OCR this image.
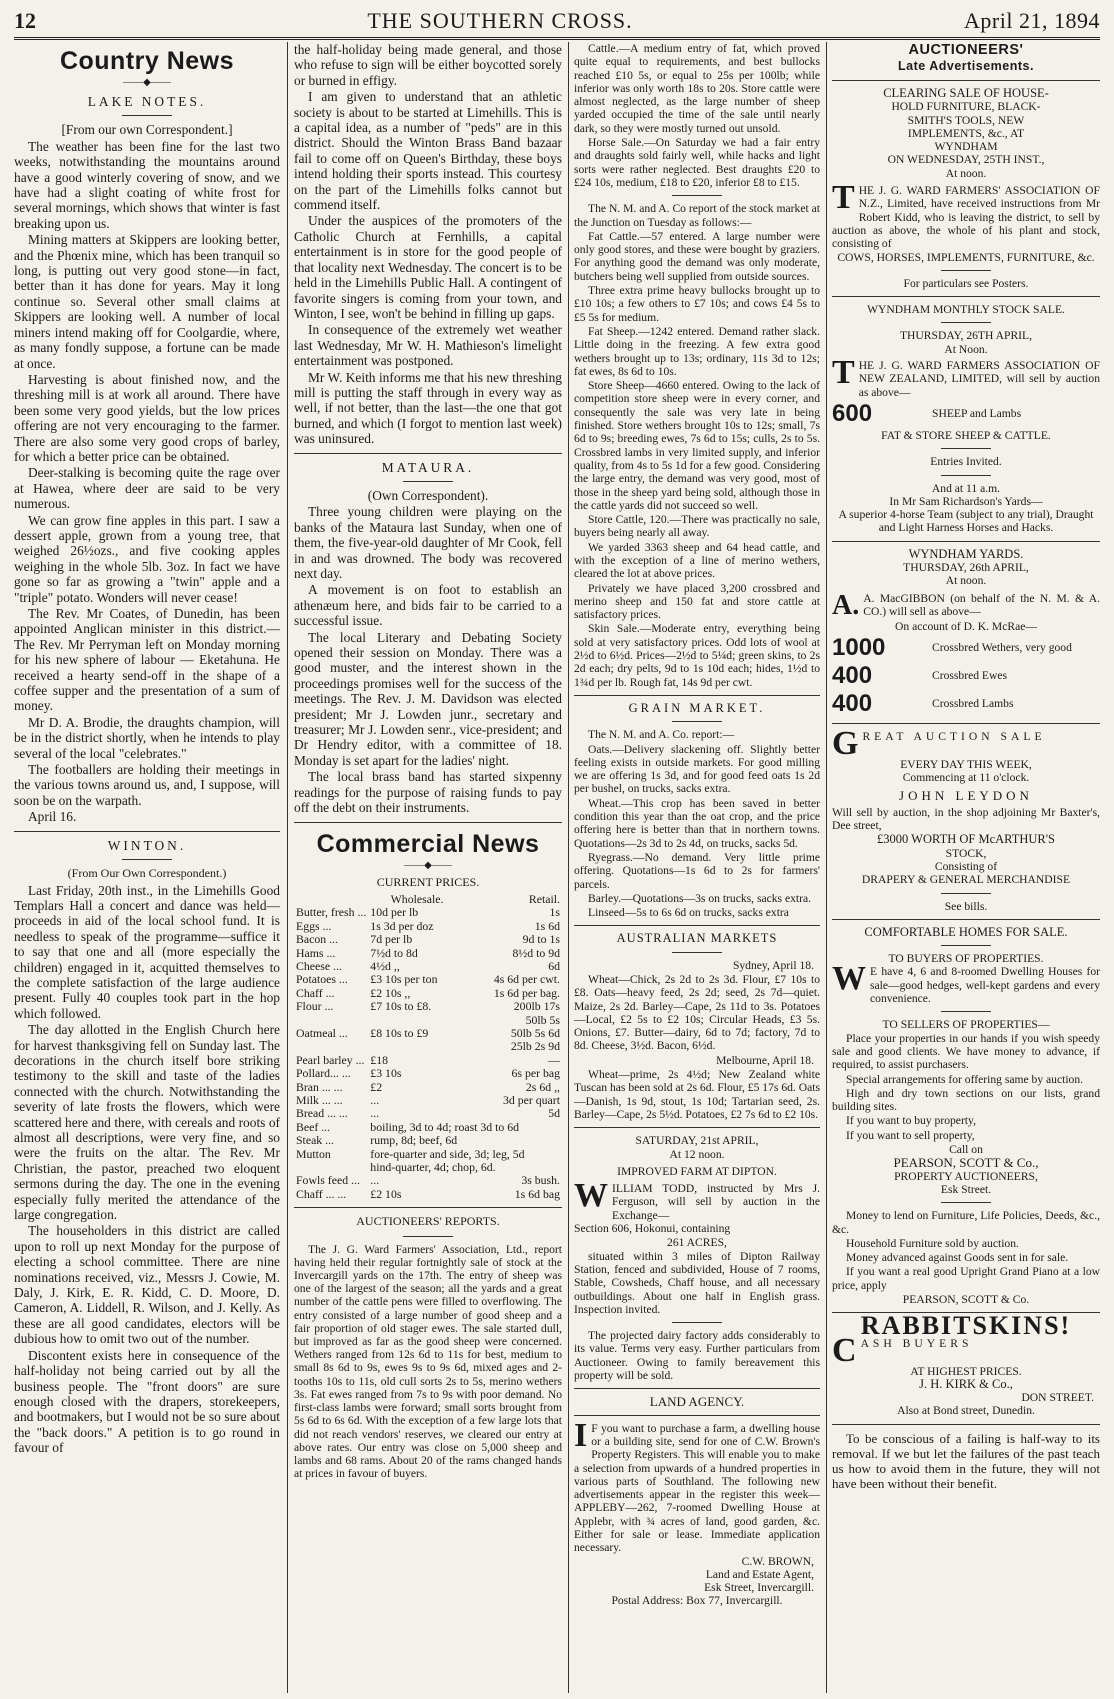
12	THE SOUTHERN CROSS.	April 21, 1894
Country News
——◆——
LAKE NOTES.

[From our own Correspondent.]

The weather has been fine for the last two weeks, notwithstanding the mountains around have a good winterly covering of snow, and we have had a slight coating of white frost for several mornings, which shows that winter is fast breaking upon us.

Mining matters at Skippers are looking better, and the Phœnix mine, which has been tranquil so long, is putting out very good stone—in fact, better than it has done for years. May it long continue so. Several other small claims at Skippers are looking well. A number of local miners intend making off for Coolgardie, where, as many fondly suppose, a fortune can be made at once.

Harvesting is about finished now, and the threshing mill is at work all around. There have been some very good yields, but the low prices offering are not very encouraging to the farmer. There are also some very good crops of barley, for which a better price can be obtained.

Deer-stalking is becoming quite the rage over at Hawea, where deer are said to be very numerous.

We can grow fine apples in this part. I saw a dessert apple, grown from a young tree, that weighed 26½ozs., and five cooking apples weighing in the whole 5lb. 3oz. In fact we have gone so far as growing a "twin" apple and a "triple" potato. Wonders will never cease!

The Rev. Mr Coates, of Dunedin, has been appointed Anglican minister in this district.—The Rev. Mr Perryman left on Monday morning for his new sphere of labour — Eketahuna. He received a hearty send-off in the shape of a coffee supper and the presentation of a sum of money.

Mr D. A. Brodie, the draughts champion, will be in the district shortly, when he intends to play several of the local "celebrates."

The footballers are holding their meetings in the various towns around us, and, I suppose, will soon be on the warpath.

April 16.

WINTON.

(From Our Own Correspondent.)

Last Friday, 20th inst., in the Limehills Good Templars Hall a concert and dance was held—proceeds in aid of the local school fund. It is needless to speak of the programme—suffice it to say that one and all (more especially the children) engaged in it, acquitted themselves to the complete satisfaction of the large audience present. Fully 40 couples took part in the hop which followed.

The day allotted in the English Church here for harvest thanksgiving fell on Sunday last. The decorations in the church itself bore striking testimony to the skill and taste of the ladies connected with the church. Notwithstanding the severity of late frosts the flowers, which were scattered here and there, with cereals and roots of almost all descriptions, were very fine, and so were the fruits on the altar. The Rev. Mr Christian, the pastor, preached two eloquent sermons during the day. The one in the evening especially fully merited the attendance of the large congregation.

The householders in this district are called upon to roll up next Monday for the purpose of electing a school committee. There are nine nominations received, viz., Messrs J. Cowie, M. Daly, J. Kirk, E. R. Kidd, C. D. Moore, D. Cameron, A. Liddell, R. Wilson, and J. Kelly. As these are all good candidates, electors will be dubious how to omit two out of the number.

Discontent exists here in consequence of the half-holiday not being carried out by all the business people. The "front doors" are sure enough closed with the drapers, storekeepers, and bootmakers, but I would not be so sure about the "back doors." A petition is to go round in favour of

the half-holiday being made general, and those who refuse to sign will be either boycotted sorely or burned in effigy.

I am given to understand that an athletic society is about to be started at Limehills. This is a capital idea, as a number of "peds" are in this district. Should the Winton Brass Band bazaar fail to come off on Queen's Birthday, these boys intend holding their sports instead. This courtesy on the part of the Limehills folks cannot but commend itself.

Under the auspices of the promoters of the Catholic Church at Fernhills, a capital entertainment is in store for the good people of that locality next Wednesday. The concert is to be held in the Limehills Public Hall. A contingent of favorite singers is coming from your town, and Winton, I see, won't be behind in filling up gaps.

In consequence of the extremely wet weather last Wednesday, Mr W. H. Mathieson's limelight entertainment was postponed.

Mr W. Keith informs me that his new threshing mill is putting the staff through in every way as well, if not better, than the last—the one that got burned, and which (I forgot to mention last week) was uninsured.

MATAURA.

(Own Correspondent).

Three young children were playing on the banks of the Mataura last Sunday, when one of them, the five-year-old daughter of Mr Cook, fell in and was drowned. The body was recovered next day.

A movement is on foot to establish an athenæum here, and bids fair to be carried to a successful issue.

The local Literary and Debating Society opened their session on Monday. There was a good muster, and the interest shown in the proceedings promises well for the success of the meetings. The Rev. J. M. Davidson was elected president; Mr J. Lowden junr., secretary and treasurer; Mr J. Lowden senr., vice-president; and Dr Hendry editor, with a committee of 18. Monday is set apart for the ladies' night.

The local brass band has started sixpenny readings for the purpose of raising funds to pay off the debt on their instruments.

Commercial News
——◆——
CURRENT PRICES.
	Wholesale.	Retail.
Butter, fresh ...	10d per lb	1s
Eggs ...	1s 3d per doz	1s 6d
Bacon ...	7d per lb	9d to 1s
Hams ...	7½d to 8d	8½d to 9d
Cheese ...	4½d ,,	6d
Potatoes ...	£3 10s per ton	4s 6d per cwt.
Chaff ...	£2 10s ,,	1s 6d per bag.
Flour ...	£7 10s to £8.	200lb 17s
		50lb 5s
Oatmeal ...	£8 10s to £9	50lb 5s 6d
		25lb 2s 9d
Pearl barley ...	£18	—
Pollard... ...	£3 10s	6s per bag
Bran ... ...	£2	2s 6d ,,
Milk ... ...	...	3d per quart
Bread ... ...	...	5d
Beef ...	boiling, 3d to 4d; roast 3d to 6d	
Steak ...	rump, 8d; beef, 6d	
Mutton	fore-quarter and side, 3d; leg, 5d	
	hind-quarter, 4d; chop, 6d.	
Fowls feed ...	...	3s bush.
Chaff ... ...	£2 10s	1s 6d bag
AUCTIONEERS' REPORTS.

The J. G. Ward Farmers' Association, Ltd., report having held their regular fortnightly sale of stock at the Invercargill yards on the 17th. The entry of sheep was one of the largest of the season; all the yards and a great number of the cattle pens were filled to overflowing. The entry consisted of a large number of good sheep and a fair proportion of old stager ewes. The sale started dull, but improved as far as the good sheep were concerned. Wethers ranged from 12s 6d to 11s for best, medium to small 8s 6d to 9s, ewes 9s to 9s 6d, mixed ages and 2-tooths 10s to 11s, old cull sorts 2s to 5s, merino wethers 3s. Fat ewes ranged from 7s to 9s with poor demand. No first-class lambs were forward; small sorts brought from 5s 6d to 6s 6d. With the exception of a few large lots that did not reach vendors' reserves, we cleared our entry at above rates. Our entry was close on 5,000 sheep and lambs and 68 rams. About 20 of the rams changed hands at prices in favour of buyers.

Cattle.—A medium entry of fat, which proved quite equal to requirements, and best bullocks reached £10 5s, or equal to 25s per 100lb; while inferior was only worth 18s to 20s. Store cattle were almost neglected, as the large number of sheep yarded occupied the time of the sale until nearly dark, so they were mostly turned out unsold.

Horse Sale.—On Saturday we had a fair entry and draughts sold fairly well, while hacks and light sorts were rather neglected. Best draughts £20 to £24 10s, medium, £18 to £20, inferior £8 to £15.

The N. M. and A. Co report of the stock market at the Junction on Tuesday as follows:—

Fat Cattle.—57 entered. A large number were only good stores, and these were bought by graziers. For anything good the demand was only moderate, butchers being well supplied from outside sources.

Three extra prime heavy bullocks brought up to £10 10s; a few others to £7 10s; and cows £4 5s to £5 5s for medium.

Fat Sheep.—1242 entered. Demand rather slack. Little doing in the freezing. A few extra good wethers brought up to 13s; ordinary, 11s 3d to 12s; fat ewes, 8s 6d to 10s.

Store Sheep—4660 entered. Owing to the lack of competition store sheep were in every corner, and consequently the sale was very late in being finished. Store wethers brought 10s to 12s; small, 7s 6d to 9s; breeding ewes, 7s 6d to 15s; culls, 2s to 5s. Crossbred lambs in very limited supply, and inferior quality, from 4s to 5s 1d for a few good. Considering the large entry, the demand was very good, most of those in the sheep yard being sold, although those in the cattle yards did not succeed so well.

Store Cattle, 120.—There was practically no sale, buyers being nearly all away.

We yarded 3363 sheep and 64 head cattle, and with the exception of a line of merino wethers, cleared the lot at above prices.

Privately we have placed 3,200 crossbred and merino sheep and 150 fat and store cattle at satisfactory prices.

Skin Sale.—Moderate entry, everything being sold at very satisfactory prices. Odd lots of wool at 2½d to 6½d. Prices—2½d to 5¼d; green skins, to 2s 2d each; dry pelts, 9d to 1s 10d each; hides, 1½d to 1¾d per lb. Rough fat, 14s 9d per cwt.

GRAIN MARKET.

The N. M. and A. Co. report:—

Oats.—Delivery slackening off. Slightly better feeling exists in outside markets. For good milling we are offering 1s 3d, and for good feed oats 1s 2d per bushel, on trucks, sacks extra.

Wheat.—This crop has been saved in better condition this year than the oat crop, and the price offering here is better than that in northern towns. Quotations—2s 3d to 2s 4d, on trucks, sacks 5d.

Ryegrass.—No demand. Very little prime offering. Quotations—1s 6d to 2s for farmers' parcels.

Barley.—Quotations—3s on trucks, sacks extra.

Linseed—5s to 6s 6d on trucks, sacks extra

AUSTRALIAN MARKETS

Sydney, April 18.

Wheat—Chick, 2s 2d to 2s 3d. Flour, £7 10s to £8. Oats—heavy feed, 2s 2d; seed, 2s 7d—quiet. Maize, 2s 2d. Barley—Cape, 2s 11d to 3s. Potatoes—Local, £2 5s to £2 10s; Circular Heads, £3 5s. Onions, £7. Butter—dairy, 6d to 7d; factory, 7d to 8d. Cheese, 3½d. Bacon, 6½d.

Melbourne, April 18.

Wheat—prime, 2s 4½d; New Zealand white Tuscan has been sold at 2s 6d. Flour, £5 17s 6d. Oats—Danish, 1s 9d, stout, 1s 10d; Tartarian seed, 2s. Barley—Cape, 2s 5½d. Potatoes, £2 7s 6d to £2 10s.

SATURDAY, 21st APRIL,
At 12 noon.
IMPROVED FARM AT DIPTON.
W ILLIAM TODD, instructed by Mrs J. Ferguson, will sell by auction in the Exchange—

Section 606, Hokonui, containing

261 ACRES,

situated within 3 miles of Dipton Railway Station, fenced and subdivided, House of 7 rooms, Stable, Cowsheds, Chaff house, and all necessary outbuildings. About one half in English grass. Inspection invited.

The projected dairy factory adds considerably to its value. Terms very easy. Further particulars from Auctioneer. Owing to family bereavement this property will be sold.

LAND AGENCY.
I F you want to purchase a farm, a dwelling house or a building site, send for one of C.W. Brown's Property Registers. This will enable you to make a selection from upwards of a hundred properties in various parts of Southland. The following new advertisements appear in the register this week—APPLEBY—262, 7-roomed Dwelling House at Applebr, with ¾ acres of land, good garden, &c. Either for sale or lease. Immediate application necessary.
C.W. BROWN,
Land and Estate Agent,
Esk Street, Invercargill.
Postal Address: Box 77, Invercargill.
AUCTIONEERS'
Late Advertisements.
CLEARING SALE OF HOUSE-
HOLD FURNITURE, BLACK-
SMITH'S TOOLS, NEW
IMPLEMENTS, &c., AT
WYNDHAM
ON WEDNESDAY, 25TH INST.,
At noon.
T HE J. G. WARD FARMERS' ASSOCIATION OF N.Z., Limited, have received instructions from Mr Robert Kidd, who is leaving the district, to sell by auction as above, the whole of his plant and stock, consisting of
COWS, HORSES, IMPLEMENTS, FURNITURE, &c.
For particulars see Posters.
WYNDHAM MONTHLY STOCK SALE.
THURSDAY, 26TH APRIL,
At Noon.
T HE J. G. WARD FARMERS ASSOCIATION OF NEW ZEALAND, LIMITED, will sell by auction as above—
600	SHEEP and Lambs
FAT & STORE SHEEP & CATTLE.
Entries Invited.
And at 11 a.m.
In Mr Sam Richardson's Yards—
A superior 4-horse Team (subject to any trial), Draught and Light Harness Horses and Hacks.
WYNDHAM YARDS.
THURSDAY, 26th APRIL,
At noon.
A. A. MacGIBBON (on behalf of the N. M. & A. CO.) will sell as above—
On account of D. K. McRae—
1000	Crossbred Wethers, very good
400	Crossbred Ewes
400	Crossbred Lambs
G REAT AUCTION SALE
EVERY DAY THIS WEEK,
Commencing at 11 o'clock.
JOHN LEYDON

Will sell by auction, in the shop adjoining Mr Baxter's, Dee street,

£3000 WORTH OF McARTHUR'S
STOCK,
Consisting of
DRAPERY & GENERAL MERCHANDISE
See bills.
COMFORTABLE HOMES FOR SALE.
TO BUYERS OF PROPERTIES.
W E have 4, 6 and 8-roomed Dwelling Houses for sale—good hedges, well-kept gardens and every convenience.
TO SELLERS OF PROPERTIES—

Place your properties in our hands if you wish speedy sale and good clients. We have money to advance, if required, to assist purchasers.

Special arrangements for offering same by auction.

High and dry town sections on our lists, grand building sites.

If you want to buy property,

If you want to sell property,

Call on
PEARSON, SCOTT & Co.,
PROPERTY AUCTIONEERS,
Esk Street.

Money to lend on Furniture, Life Policies, Deeds, &c., &c.

Household Furniture sold by auction.

Money advanced against Goods sent in for sale.

If you want a real good Upright Grand Piano at a low price, apply

PEARSON, SCOTT & Co.
RABBITSKINS!
C ASH BUYERS
AT HIGHEST PRICES.
J. H. KIRK & Co.,
DON STREET.
Also at Bond street, Dunedin.

To be conscious of a failing is half-way to its removal. If we but let the failures of the past teach us how to avoid them in the future, they will not have been without their benefit.
